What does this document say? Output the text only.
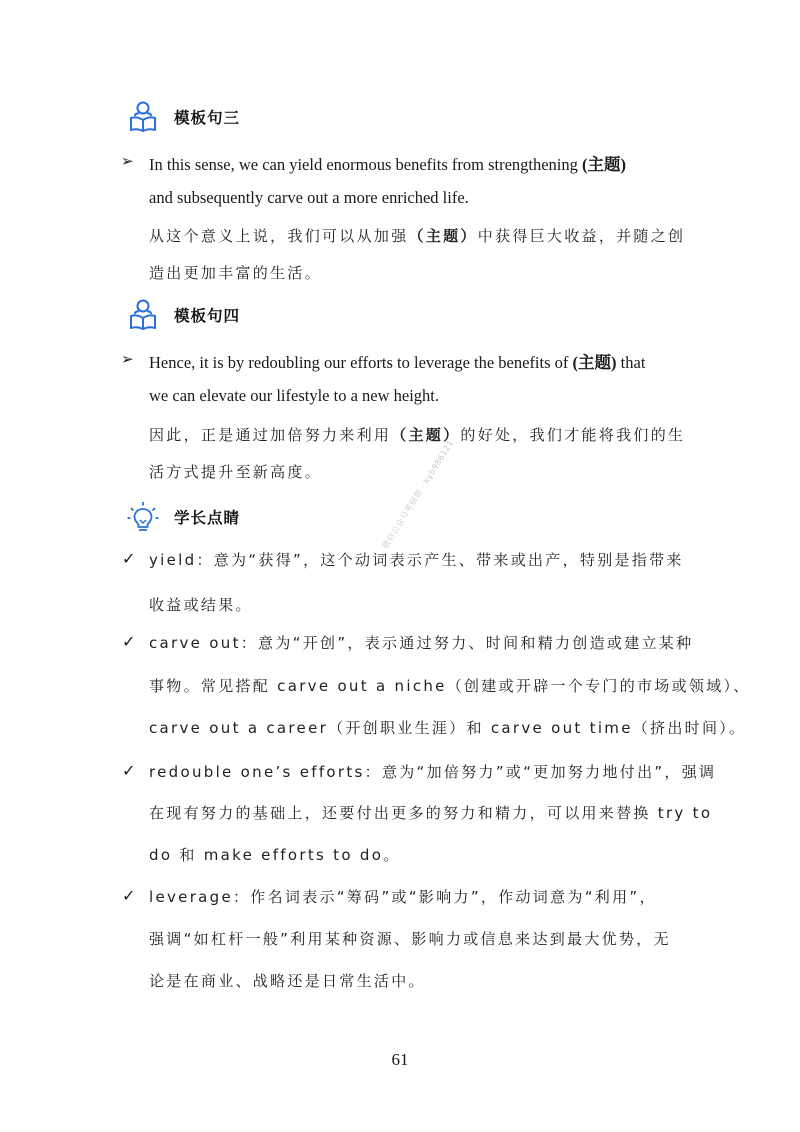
模板句三
➢ In this sense, we can yield enormous benefits from strengthening (主题)
and subsequently carve out a more enriched life.
从这个意义上说，我们可以从加强（主题）中获得巨大收益，并随之创
造出更加丰富的生活。
模板句四
➢ Hence, it is by redoubling our efforts to leverage the benefits of (主题) that
we can elevate our lifestyle to a new height.
因此，正是通过加倍努力来利用（主题）的好处，我们才能将我们的生
活方式提升至新高度。
学长点睛
✓ yield：意为“获得”，这个动词表示产生、带来或出产，特别是指带来
收益或结果。
✓ carve out：意为“开创”，表示通过努力、时间和精力创造或建立某种
事物。常见搭配 carve out a niche（创建或开辟一个专门的市场或领域）、
carve out a career（开创职业生涯）和 carve out time（挤出时间）。
✓ redouble one’s efforts：意为“加倍努力”或“更加努力地付出”，强调
在现有努力的基础上，还要付出更多的努力和精力，可以用来替换 try to
do 和 make efforts to do。
✓ leverage：作名词表示“筹码”或“影响力”，作动词意为“利用”，
强调“如杠杆一般”利用某种资源、影响力或信息来达到最大优势，无
论是在商业、战略还是日常生活中。
微信公众号考研帮 · kyb986121
61
